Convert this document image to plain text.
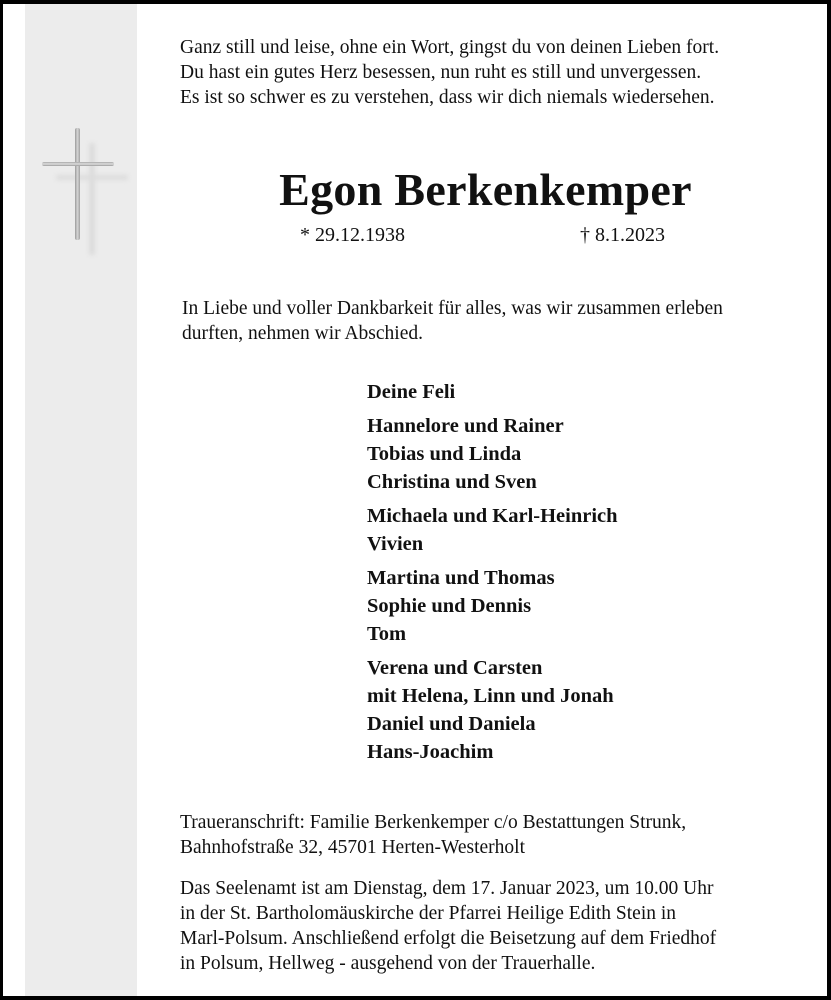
Ganz still und leise, ohne ein Wort, gingst du von deinen Lieben fort.
Du hast ein gutes Herz besessen, nun ruht es still und unvergessen.
Es ist so schwer es zu verstehen, dass wir dich niemals wiedersehen.
Egon Berkenkemper
* 29.12.1938	† 8.1.2023
In Liebe und voller Dankbarkeit für alles, was wir zusammen erleben
durften, nehmen wir Abschied.
Deine Feli
Hannelore und Rainer
Tobias und Linda
Christina und Sven
Michaela und Karl-Heinrich
Vivien
Martina und Thomas
Sophie und Dennis
Tom
Verena und Carsten
mit Helena, Linn und Jonah
Daniel und Daniela
Hans-Joachim
Traueranschrift: Familie Berkenkemper c/o Bestattungen Strunk,
Bahnhofstraße 32, 45701 Herten-Westerholt
Das Seelenamt ist am Dienstag, dem 17. Januar 2023, um 10.00 Uhr
in der St. Bartholomäuskirche der Pfarrei Heilige Edith Stein in
Marl-Polsum. Anschließend erfolgt die Beisetzung auf dem Friedhof
in Polsum, Hellweg - ausgehend von der Trauerhalle.
